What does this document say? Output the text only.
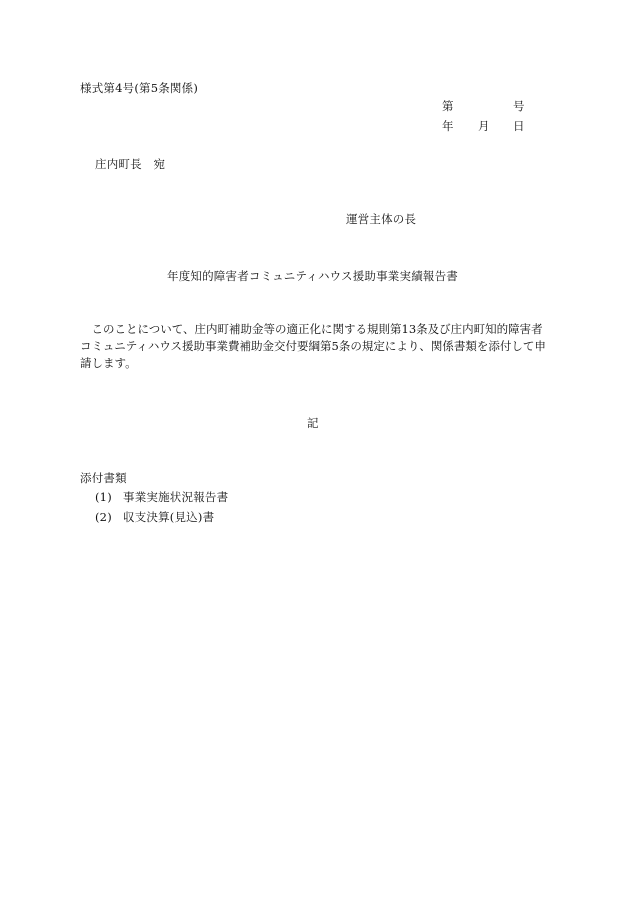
様式第4号(第5条関係)
第	号
年 月 日
庄内町長　宛
運営主体の長
年度知的障害者コミュニティハウス援助事業実績報告書
　このことについて、庄内町補助金等の適正化に関する規則第13条及び庄内町知的障害者
コミュニティハウス援助事業費補助金交付要綱第5条の規定により、関係書類を添付して申
請します。
記
添付書類
(1) 事業実施状況報告書
(2) 収支決算(見込)書
